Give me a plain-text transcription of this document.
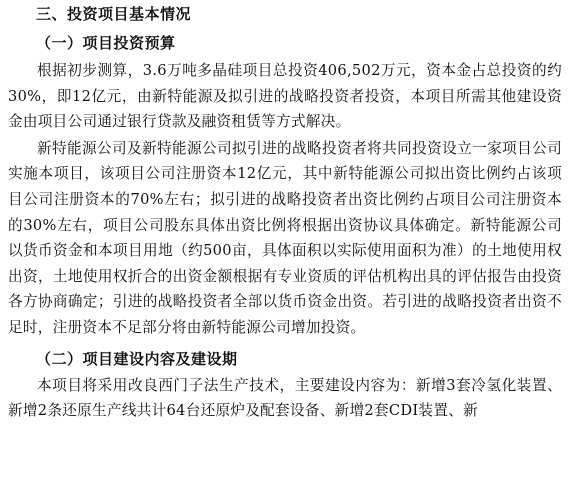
三、投资项目基本情况
（一）项目投资预算
根据初步测算，3.6万吨多晶硅项目总投资406,502万元，资本金占总投资的约30%，即12亿元，由新特能源及拟引进的战略投资者投资，本项目所需其他建设资金由项目公司通过银行贷款及融资租赁等方式解决。
新特能源公司及新特能源公司拟引进的战略投资者将共同投资设立一家项目公司实施本项目，该项目公司注册资本12亿元，其中新特能源公司拟出资比例约占该项目公司注册资本的70%左右；拟引进的战略投资者出资比例约占项目公司注册资本的30%左右，项目公司股东具体出资比例将根据出资协议具体确定。新特能源公司以货币资金和本项目用地（约500亩，具体面积以实际使用面积为准）的土地使用权出资，土地使用权折合的出资金额根据有专业资质的评估机构出具的评估报告由投资各方协商确定；引进的战略投资者全部以货币资金出资。若引进的战略投资者出资不足时，注册资本不足部分将由新特能源公司增加投资。
（二）项目建设内容及建设期
本项目将采用改良西门子法生产技术，主要建设内容为：新增3套冷氢化装置、新增2条还原生产线共计64台还原炉及配套设备、新增2套CDI装置、新
